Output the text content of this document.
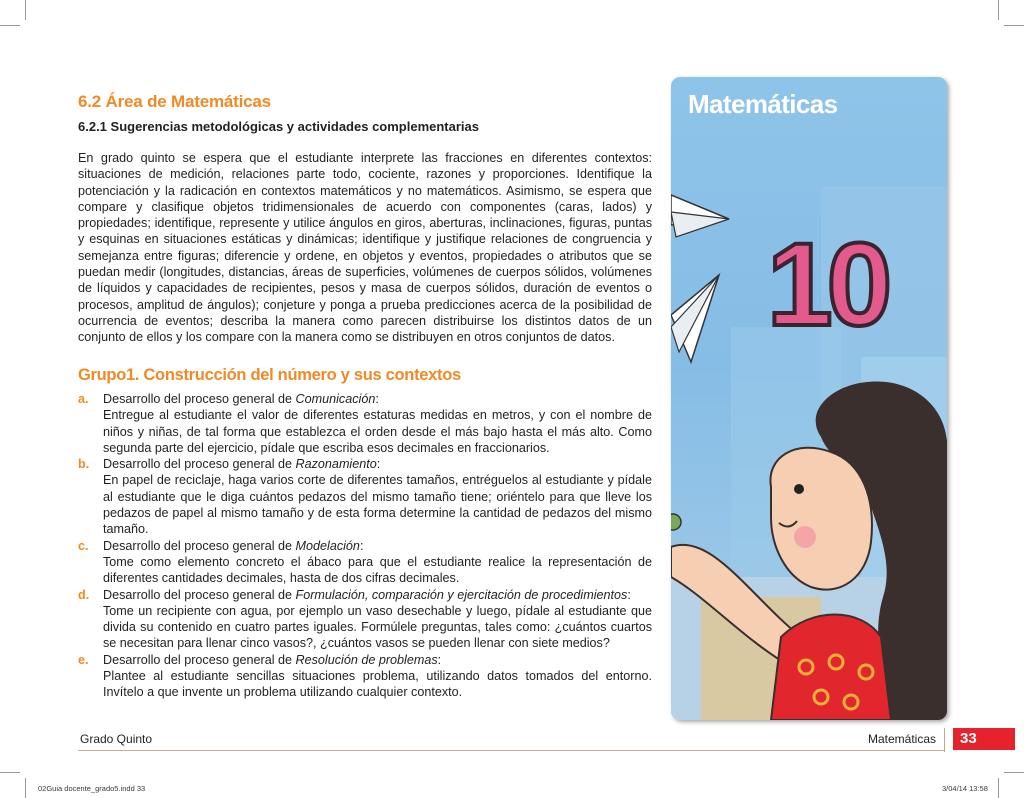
6.2 Área de Matemáticas
6.2.1 Sugerencias metodológicas y actividades complementarias

En grado quinto se espera que el estudiante interprete las fracciones en diferentes contextos: situaciones de medición, relaciones parte todo, cociente, razones y proporciones. Identifique la potenciación y la radicación en contextos matemáticos y no matemáticos. Asimismo, se espera que compare y clasifique objetos tridimensionales de acuerdo con componentes (caras, lados) y propiedades; identifique, represente y utilice ángulos en giros, aberturas, inclinaciones, figuras, puntas y esquinas en situaciones estáticas y dinámicas; identifique y justifique relaciones de congruencia y semejanza entre figuras; diferencie y ordene, en objetos y eventos, propiedades o atributos que se puedan medir (longitudes, distancias, áreas de superficies, volúmenes de cuerpos sólidos, volúmenes de líquidos y capacidades de recipientes, pesos y masa de cuerpos sólidos, duración de eventos o procesos, amplitud de ángulos); conjeture y ponga a prueba predicciones acerca de la posibilidad de ocurrencia de eventos; describa la manera como parecen distribuirse los distintos datos de un conjunto de ellos y los compare con la manera como se distribuyen en otros conjuntos de datos.

Grupo1. Construcción del número y sus contextos
a. Desarrollo del proceso general de Comunicación:
Entregue al estudiante el valor de diferentes estaturas medidas en metros, y con el nombre de niños y niñas, de tal forma que establezca el orden desde el más bajo hasta el más alto. Como segunda parte del ejercicio, pídale que escriba esos decimales en fraccionarios.
b. Desarrollo del proceso general de Razonamiento:
En papel de reciclaje, haga varios corte de diferentes tamaños, entréguelos al estudiante y pídale al estudiante que le diga cuántos pedazos del mismo tamaño tiene; oriéntelo para que lleve los pedazos de papel al mismo tamaño y de esta forma determine la cantidad de pedazos del mismo tamaño.
c. Desarrollo del proceso general de Modelación:
Tome como elemento concreto el ábaco para que el estudiante realice la representación de diferentes cantidades decimales, hasta de dos cifras decimales.
d. Desarrollo del proceso general de Formulación, comparación y ejercitación de procedimientos:
Tome un recipiente con agua, por ejemplo un vaso desechable y luego, pídale al estudiante que divida su contenido en cuatro partes iguales. Formúlele preguntas, tales como: ¿cuántos cuartos se necesitan para llenar cinco vasos?, ¿cuántos vasos se pueden llenar con siete medios?
e. Desarrollo del proceso general de Resolución de problemas:
Plantee al estudiante sencillas situaciones problema, utilizando datos tomados del entorno. Invítelo a que invente un problema utilizando cualquier contexto.
10
Matemáticas
Grado Quinto	Matemáticas	33
02Guia docente_grado5.indd 33	3/04/14 13:58
